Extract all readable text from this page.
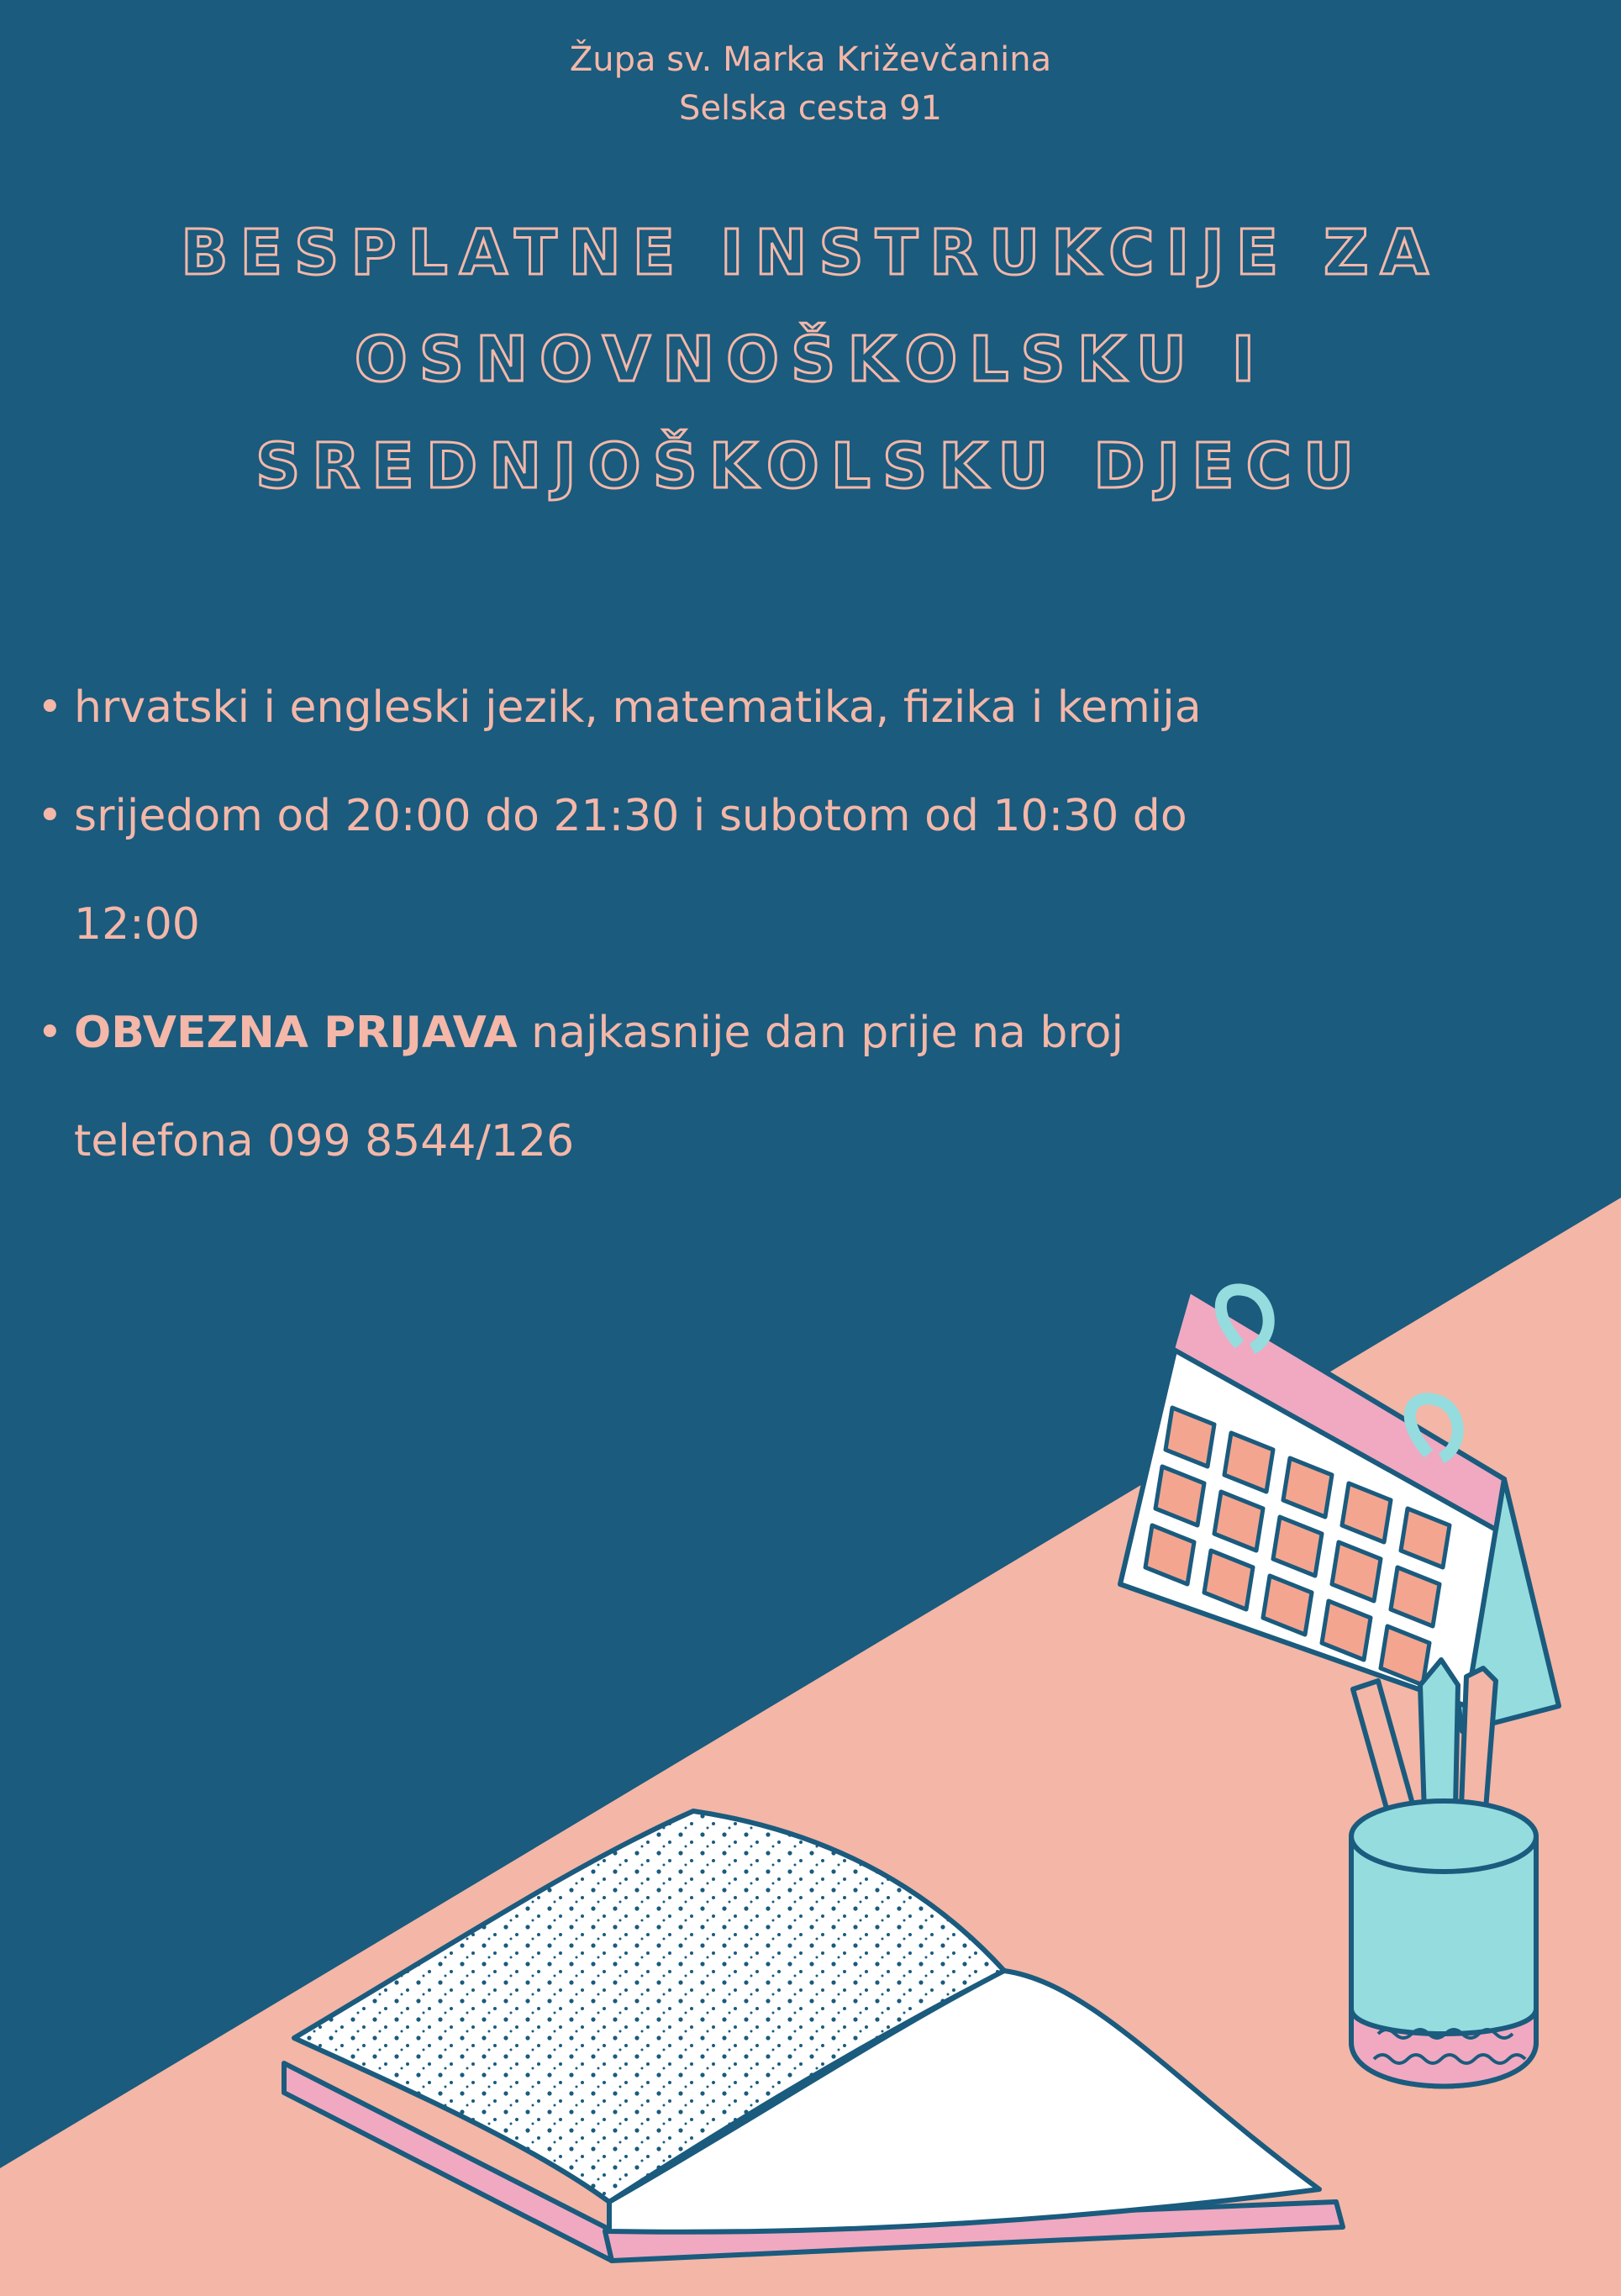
Župa sv. Marka Križevčanina
Selska cesta 91
BESPLATNE INSTRUKCIJE ZA OSNOVNOŠKOLSKU I SREDNJOŠKOLSKU DJECU
• hrvatski i engleski jezik, matematika, fizika i kemija
• srijedom od 20:00 do 21:30 i subotom od 10:30 do 12:00
• OBVEZNA PRIJAVA najkasnije dan prije na broj telefona 099 8544/126
